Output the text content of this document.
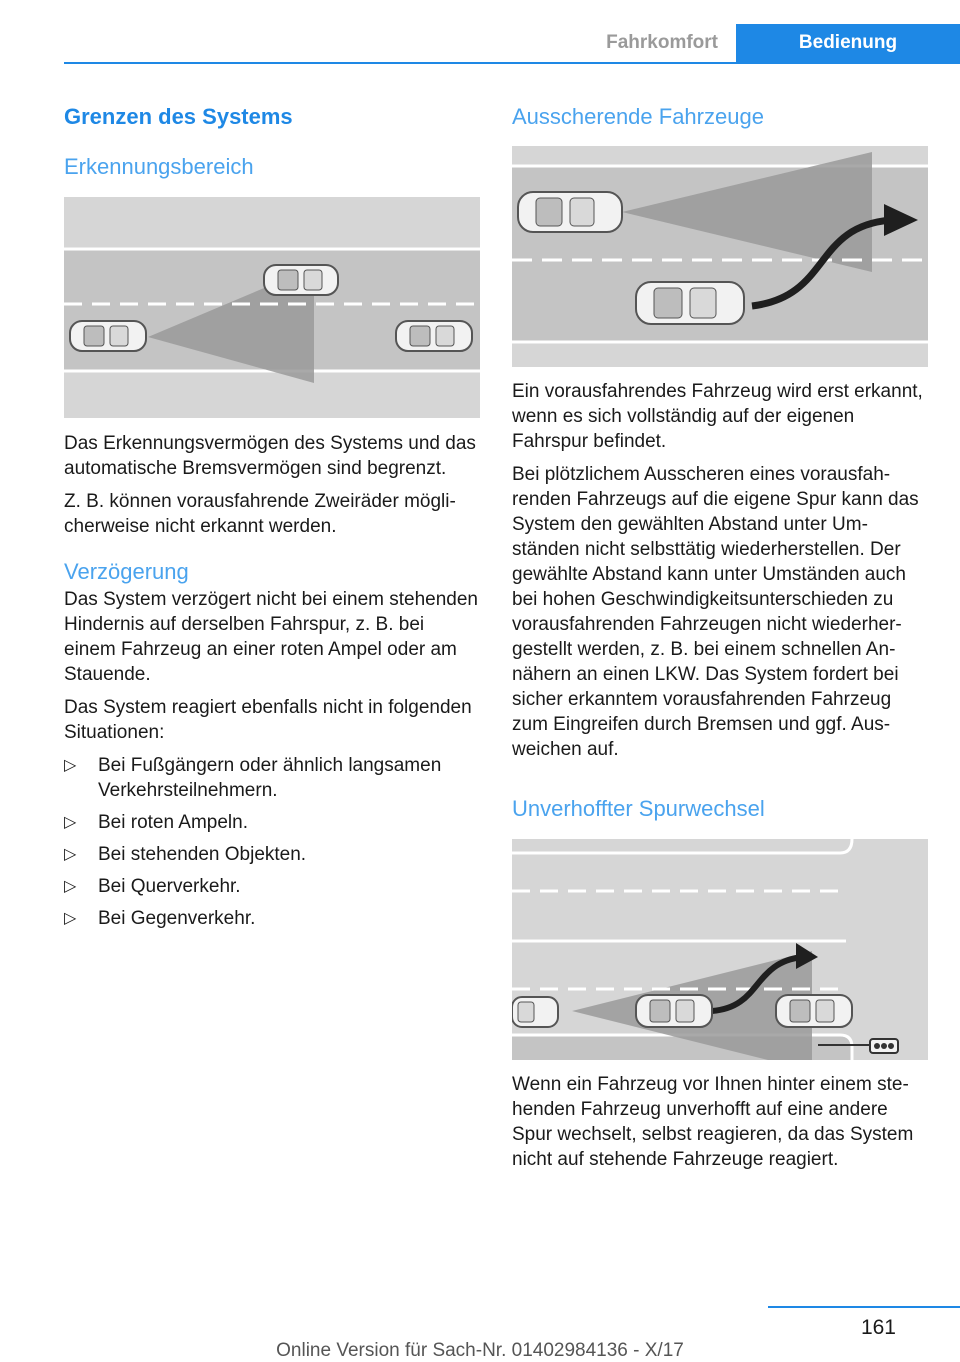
Fahrkomfort	Bedienung
Grenzen des Systems
Erkennungsbereich

Das Erkennungsvermögen des Systems und das automatische Bremsvermögen sind begrenzt.

Z. B. können vorausfahrende Zweiräder möglicherweise nicht erkannt werden.

Verzögerung

Das System verzögert nicht bei einem stehenden Hindernis auf derselben Fahrspur, z. B. bei einem Fahrzeug an einer roten Ampel oder am Stauende.

Das System reagiert ebenfalls nicht in folgenden Situationen:

▷	Bei Fußgängern oder ähnlich langsamen Verkehrsteilnehmern.
▷	Bei roten Ampeln.
▷	Bei stehenden Objekten.
▷	Bei Querverkehr.
▷	Bei Gegenverkehr.
Ausscherende Fahrzeuge

Ein vorausfahrendes Fahrzeug wird erst erkannt, wenn es sich vollständig auf der eigenen Fahrspur befindet.

Bei plötzlichem Ausscheren eines vorausfahrenden Fahrzeugs auf die eigene Spur kann das System den gewählten Abstand unter Umständen nicht selbsttätig wiederherstellen. Der gewählte Abstand kann unter Umständen auch bei hohen Geschwindigkeitsunterschieden zu vorausfahrenden Fahrzeugen nicht wiederhergestellt werden, z. B. bei einem schnellen Annähern an einen LKW. Das System fordert bei sicher erkanntem vorausfahrenden Fahrzeug zum Eingreifen durch Bremsen und ggf. Ausweichen auf.

Unverhoffter Spurwechsel

Wenn ein Fahrzeug vor Ihnen hinter einem stehenden Fahrzeug unverhofft auf eine andere Spur wechselt, selbst reagieren, da das System nicht auf stehende Fahrzeuge reagiert.

161
Online Version für Sach-Nr. 01402984136 - X/17
